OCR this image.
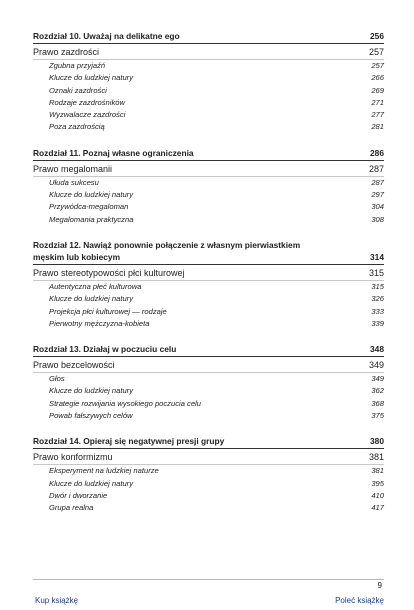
Rozdział 10. Uważaj na delikatne ego	256
Prawo zazdrości	257
Zgubna przyjaźń	257
Klucze do ludzkiej natury	266
Oznaki zazdrości	269
Rodzaje zazdrośników	271
Wyzwalacze zazdrości	277
Poza zazdrością	281
Rozdział 11. Poznaj własne ograniczenia	286
Prawo megalomanii	287
Ułuda sukcesu	287
Klucze do ludzkiej natury	297
Przywódca-megaloman	304
Megalomania praktyczna	308
Rozdział 12. Nawiąż ponownie połączenie z własnym pierwiastkiem męskim lub kobiecym	314
Prawo stereotypowości płci kulturowej	315
Autentyczna płeć kulturowa	315
Klucze do ludzkiej natury	326
Projekcja płci kulturowej — rodzaje	333
Pierwotny mężczyzna-kobieta	339
Rozdział 13. Działaj w poczuciu celu	348
Prawo bezcelowości	349
Głos	349
Klucze do ludzkiej natury	362
Strategie rozwijania wysokiego poczucia celu	368
Powab fałszywych celów	375
Rozdział 14. Opieraj się negatywnej presji grupy	380
Prawo konformizmu	381
Eksperyment na ludzkiej naturze	381
Klucze do ludzkiej natury	395
Dwór i dworzanie	410
Grupa realna	417
9
Kup książkę	Poleć książkę
